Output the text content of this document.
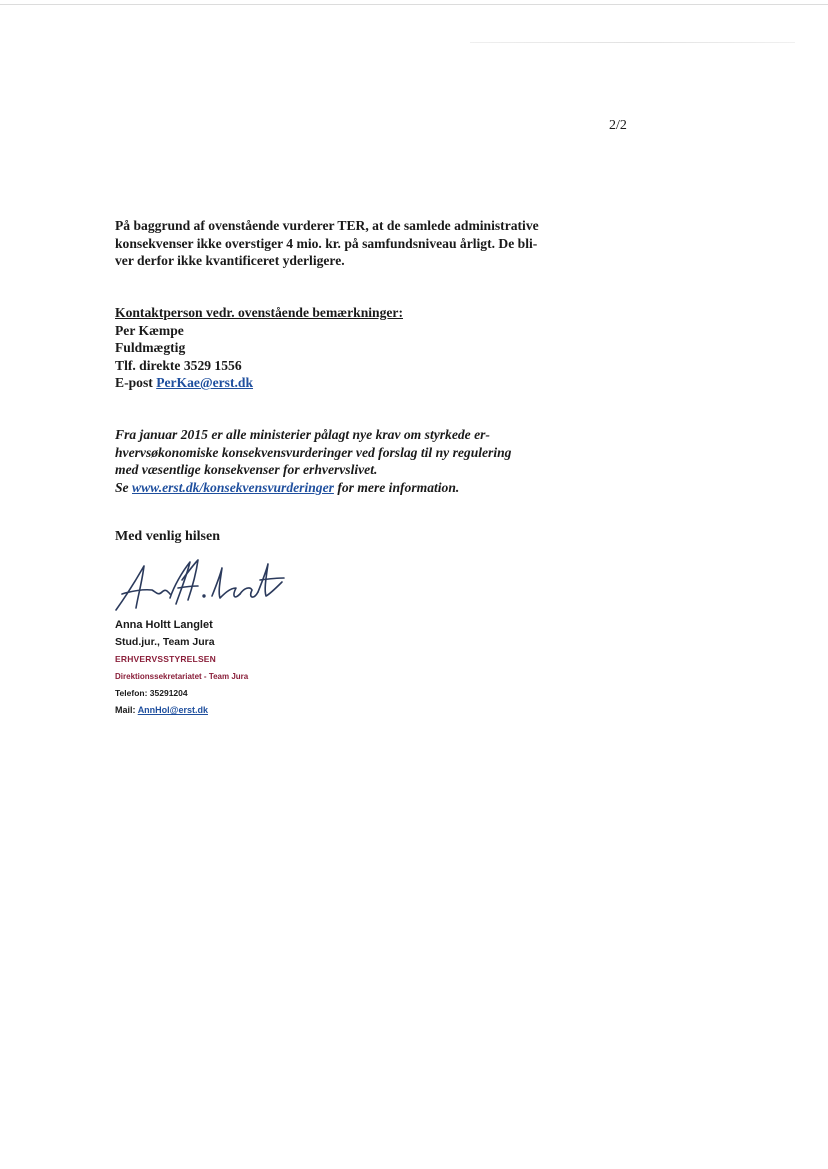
2/2
På baggrund af ovenstående vurderer TER, at de samlede administrative
konsekvenser ikke overstiger 4 mio. kr. på samfundsniveau årligt. De bli-
ver derfor ikke kvantificeret yderligere.
Kontaktperson vedr. ovenstående bemærkninger:
Per Kæmpe
Fuldmægtig
Tlf. direkte 3529 1556
E-post PerKae@erst.dk
Fra januar 2015 er alle ministerier pålagt nye krav om styrkede er-
hvervsøkonomiske konsekvensvurderinger ved forslag til ny regulering
med væsentlige konsekvenser for erhvervslivet.
Se www.erst.dk/konsekvensvurderinger for mere information.
Med venlig hilsen
Anna Holtt Langlet
Stud.jur., Team Jura
ERHVERVSSTYRELSEN
Direktionssekretariatet - Team Jura
Telefon: 35291204
Mail: AnnHol@erst.dk
